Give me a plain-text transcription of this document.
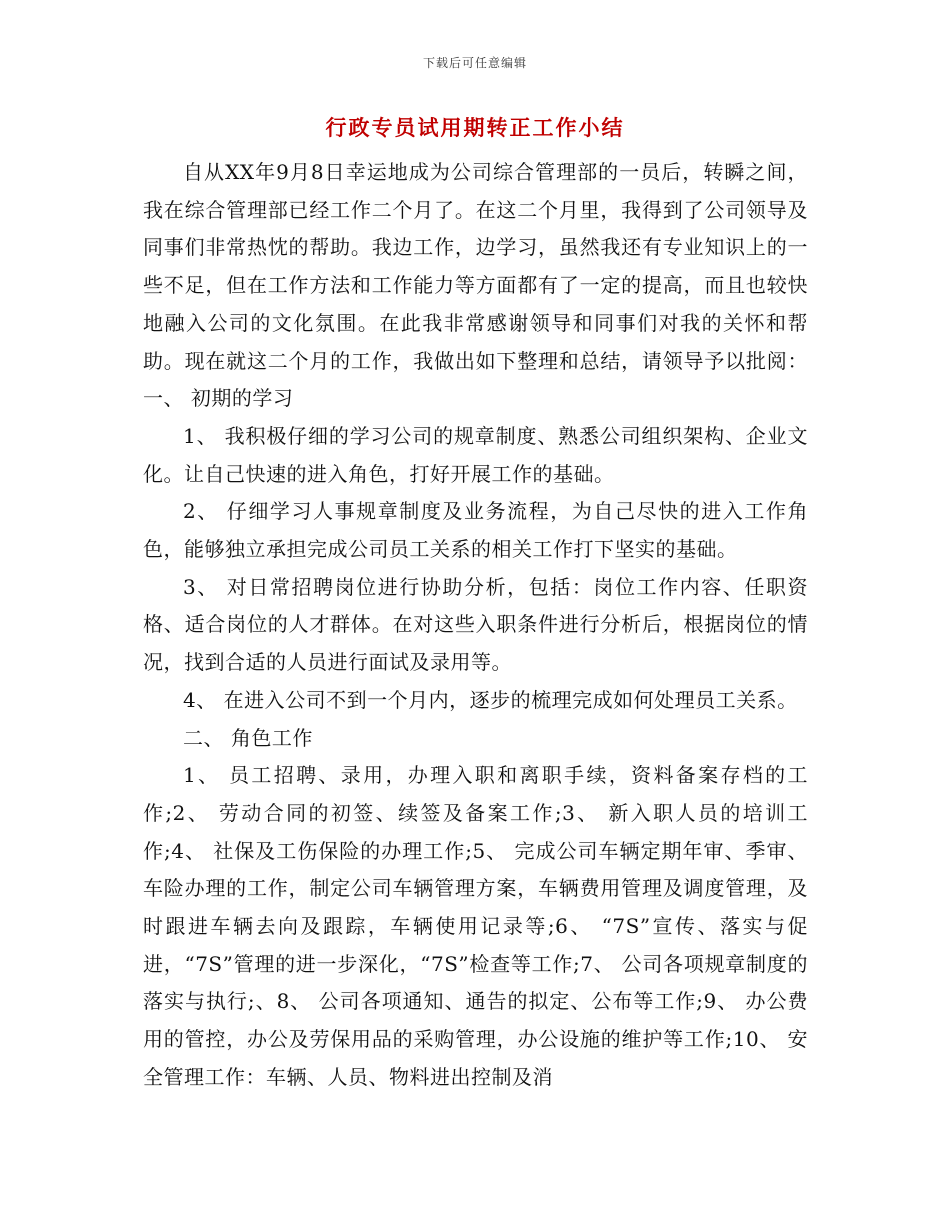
下载后可任意编辑
行政专员试用期转正工作小结

自从XX年9月8日幸运地成为公司综合管理部的一员后，转瞬之间，我在综合管理部已经工作二个月了。在这二个月里，我得到了公司领导及同事们非常热忱的帮助。我边工作，边学习，虽然我还有专业知识上的一些不足，但在工作方法和工作能力等方面都有了一定的提高，而且也较快地融入公司的文化氛围。在此我非常感谢领导和同事们对我的关怀和帮助。现在就这二个月的工作，我做出如下整理和总结，请领导予以批阅： 一、 初期的学习

1、 我积极仔细的学习公司的规章制度、熟悉公司组织架构、企业文化。让自己快速的进入角色，打好开展工作的基础。

2、 仔细学习人事规章制度及业务流程，为自己尽快的进入工作角色，能够独立承担完成公司员工关系的相关工作打下坚实的基础。

3、 对日常招聘岗位进行协助分析，包括：岗位工作内容、任职资格、适合岗位的人才群体。在对这些入职条件进行分析后，根据岗位的情况，找到合适的人员进行面试及录用等。

4、 在进入公司不到一个月内，逐步的梳理完成如何处理员工关系。

二、 角色工作

1、 员工招聘、录用，办理入职和离职手续，资料备案存档的工作;2、 劳动合同的初签、续签及备案工作;3、 新入职人员的培训工作;4、 社保及工伤保险的办理工作;5、 完成公司车辆定期年审、季审、车险办理的工作，制定公司车辆管理方案，车辆费用管理及调度管理，及时跟进车辆去向及跟踪，车辆使用记录等;6、 “7S”宣传、落实与促进，“7S”管理的进一步深化，“7S”检查等工作;7、 公司各项规章制度的落实与执行;、8、 公司各项通知、通告的拟定、公布等工作;9、 办公费用的管控，办公及劳保用品的采购管理，办公设施的维护等工作;10、 安全管理工作：车辆、人员、物料进出控制及消
